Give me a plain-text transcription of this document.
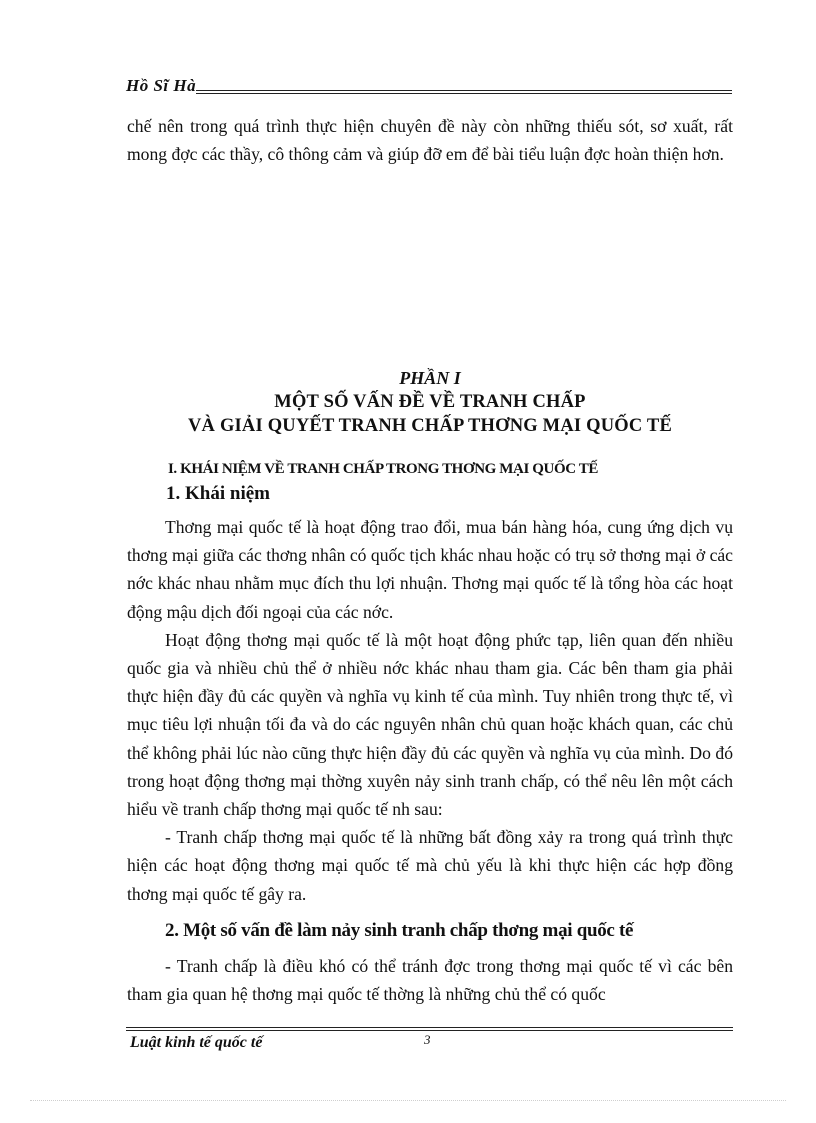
Hồ Sĩ Hà

chế nên trong quá trình thực hiện chuyên đề này còn những thiếu sót, sơ xuất, rất mong đợc các thầy, cô thông cảm và giúp đỡ em để bài tiểu luận đợc hoàn thiện hơn.

PHẦN I
MỘT SỐ VẤN ĐỀ VỀ TRANH CHẤP
VÀ GIẢI QUYẾT TRANH CHẤP THƠNG MẠI QUỐC TẾ
I. KHÁI NIỆM VỀ TRANH CHẤP TRONG THƠNG MẠI QUỐC TẾ
1. Khái niệm

Thơng mại quốc tế là hoạt động trao đổi, mua bán hàng hóa, cung ứng dịch vụ thơng mại giữa các thơng nhân có quốc tịch khác nhau hoặc có trụ sở thơng mại ở các nớc khác nhau nhằm mục đích thu lợi nhuận. Thơng mại quốc tế là tổng hòa các hoạt động mậu dịch đối ngoại của các nớc.

Hoạt động thơng mại quốc tế là một hoạt động phức tạp, liên quan đến nhiều quốc gia và nhiều chủ thể ở nhiều nớc khác nhau tham gia. Các bên tham gia phải thực hiện đầy đủ các quyền và nghĩa vụ kinh tế của mình. Tuy nhiên trong thực tế, vì mục tiêu lợi nhuận tối đa và do các nguyên nhân chủ quan hoặc khách quan, các chủ thể không phải lúc nào cũng thực hiện đầy đủ các quyền và nghĩa vụ của mình. Do đó trong hoạt động thơng mại thờng xuyên nảy sinh tranh chấp, có thể nêu lên một cách hiểu về tranh chấp thơng mại quốc tế nh sau:

- Tranh chấp thơng mại quốc tế là những bất đồng xảy ra trong quá trình thực hiện các hoạt động thơng mại quốc tế mà chủ yếu là khi thực hiện các hợp đồng thơng mại quốc tế gây ra.

2. Một số vấn đề làm nảy sinh tranh chấp thơng mại quốc tế

- Tranh chấp là điều khó có thể tránh đợc trong thơng mại quốc tế vì các bên tham gia quan hệ thơng mại quốc tế thờng là những chủ thể có quốc

Luật kinh tế quốc tế	3
